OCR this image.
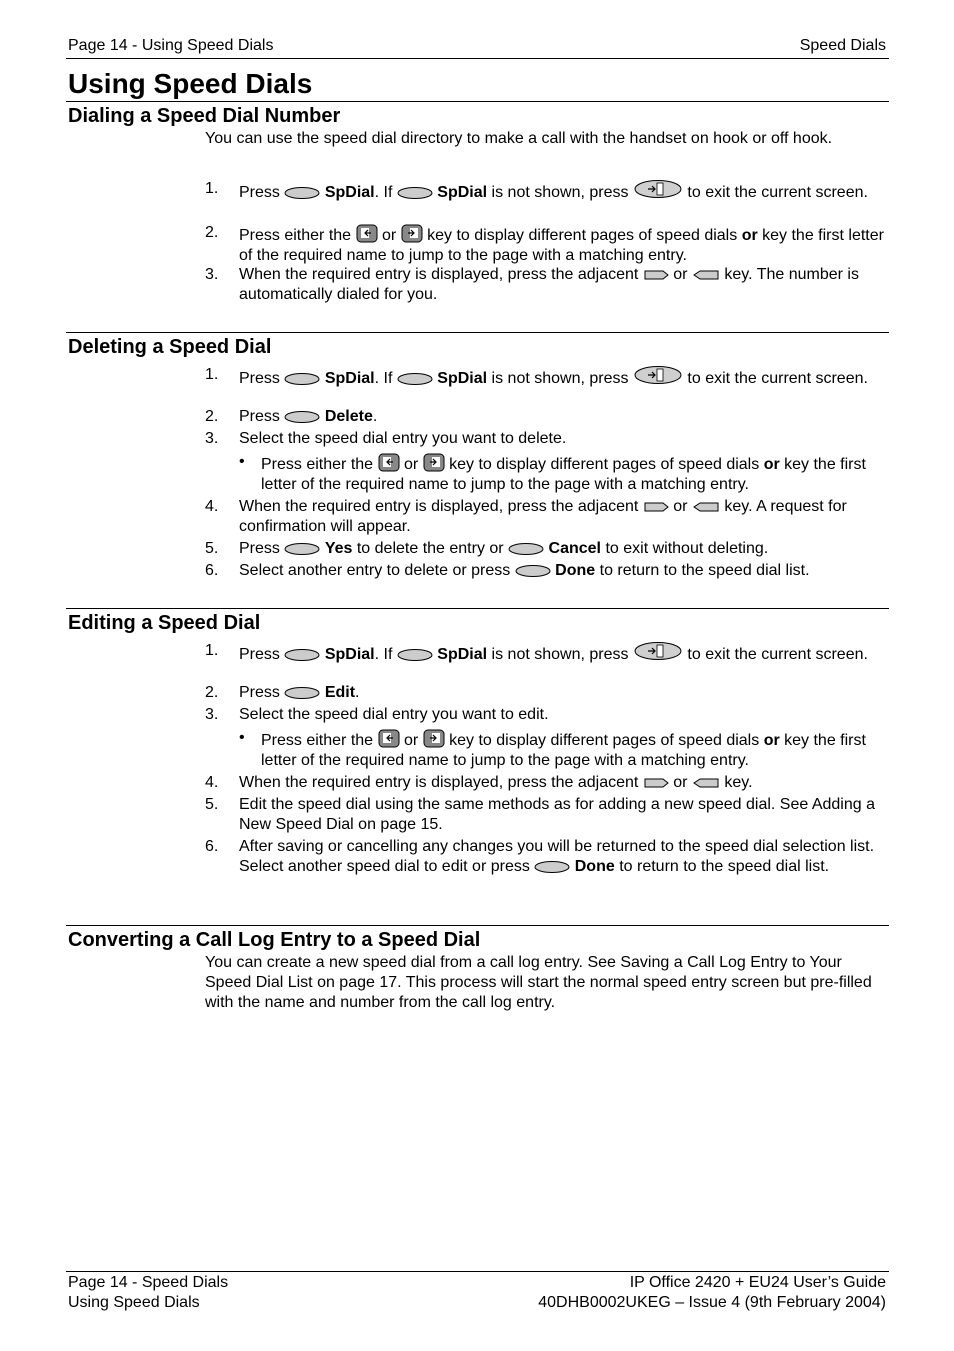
Page 14 - Using Speed Dials	Speed Dials
Using Speed Dials
Dialing a Speed Dial Number
You can use the speed dial directory to make a call with the handset on hook or off hook.
1. Press	SpDial. If	SpDial is not shown, press	to exit the current screen.
2. Press either the or key to display different pages of speed dials or key the first letter of the required name to jump to the page with a matching entry.
3. When the required entry is displayed, press the adjacent or key. The number is automatically dialed for you.
Deleting a Speed Dial
1. Press	SpDial. If	SpDial is not shown, press	to exit the current screen.
2. Press	Delete.
3. Select the speed dial entry you want to delete.
• Press either the or key to display different pages of speed dials or key the first letter of the required name to jump to the page with a matching entry.
4. When the required entry is displayed, press the adjacent or key. A request for confirmation will appear.
5. Press	Yes to delete the entry or	Cancel to exit without deleting.
6. Select another entry to delete or press	Done to return to the speed dial list.
Editing a Speed Dial
1. Press	SpDial. If	SpDial is not shown, press	to exit the current screen.
2. Press	Edit.
3. Select the speed dial entry you want to edit.
• Press either the or key to display different pages of speed dials or key the first letter of the required name to jump to the page with a matching entry.
4. When the required entry is displayed, press the adjacent or key.
5. Edit the speed dial using the same methods as for adding a new speed dial. See Adding a New Speed Dial on page 15.
6. After saving or cancelling any changes you will be returned to the speed dial selection list. Select another speed dial to edit or press	Done to return to the speed dial list.
Converting a Call Log Entry to a Speed Dial
You can create a new speed dial from a call log entry. See Saving a Call Log Entry to Your Speed Dial List on page 17. This process will start the normal speed entry screen but pre-filled with the name and number from the call log entry.
Page 14 - Speed Dials
Using Speed Dials
IP Office 2420 + EU24 User’s Guide
40DHB0002UKEG – Issue 4 (9th February 2004)
